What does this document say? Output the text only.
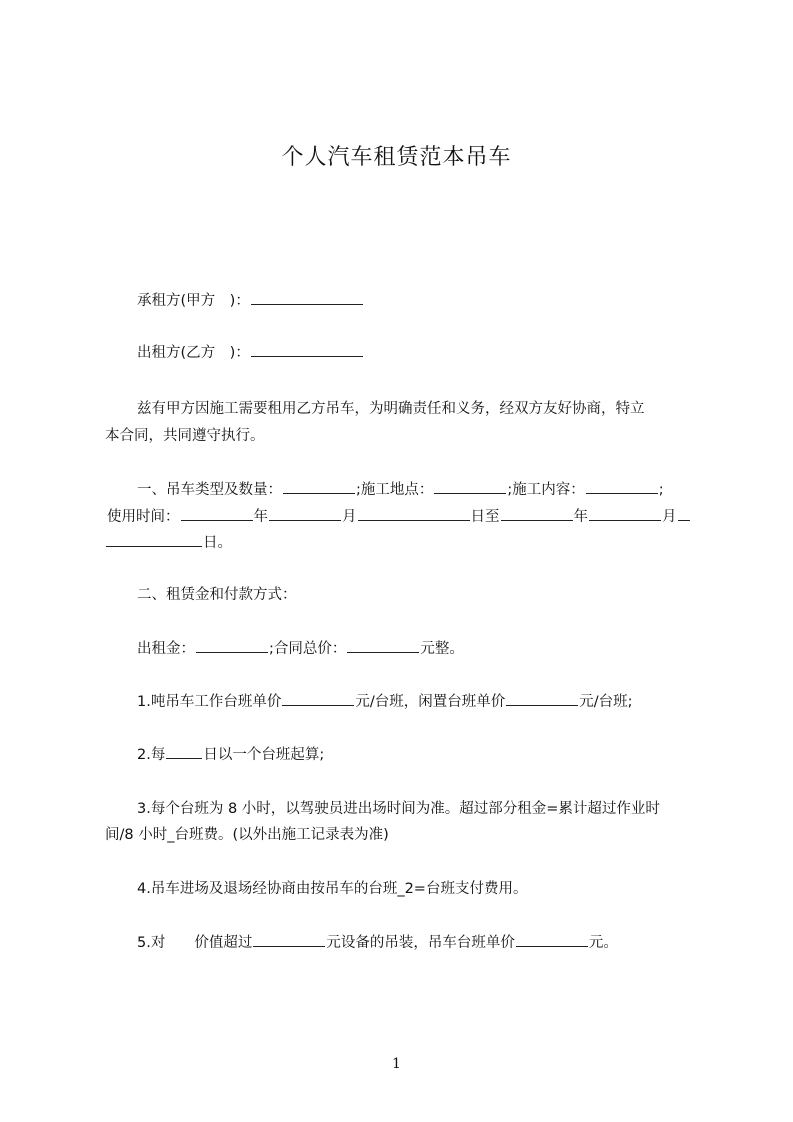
个人汽车租赁范本吊车
承租方(甲方　)：
出租方(乙方　)：
兹有甲方因施工需要租用乙方吊车，为明确责任和义务，经双方友好协商，特立
本合同，共同遵守执行。
一、吊车类型及数量：	;施工地点：	;施工内容：	;
使用时间：	年	月	日至	年	月
日。
二、租赁金和付款方式：
出租金：	;合同总价：	元整。
1.吨吊车工作台班单价	元/台班，闲置台班单价	元/台班;
2.每	日以一个台班起算;
3.每个台班为 8 小时，以驾驶员进出场时间为准。超过部分租金=累计超过作业时
间/8 小时_台班费。(以外出施工记录表为准)
4.吊车进场及退场经协商由按吊车的台班_2=台班支付费用。
5.对　　价值超过	元设备的吊装，吊车台班单价	元。
1
